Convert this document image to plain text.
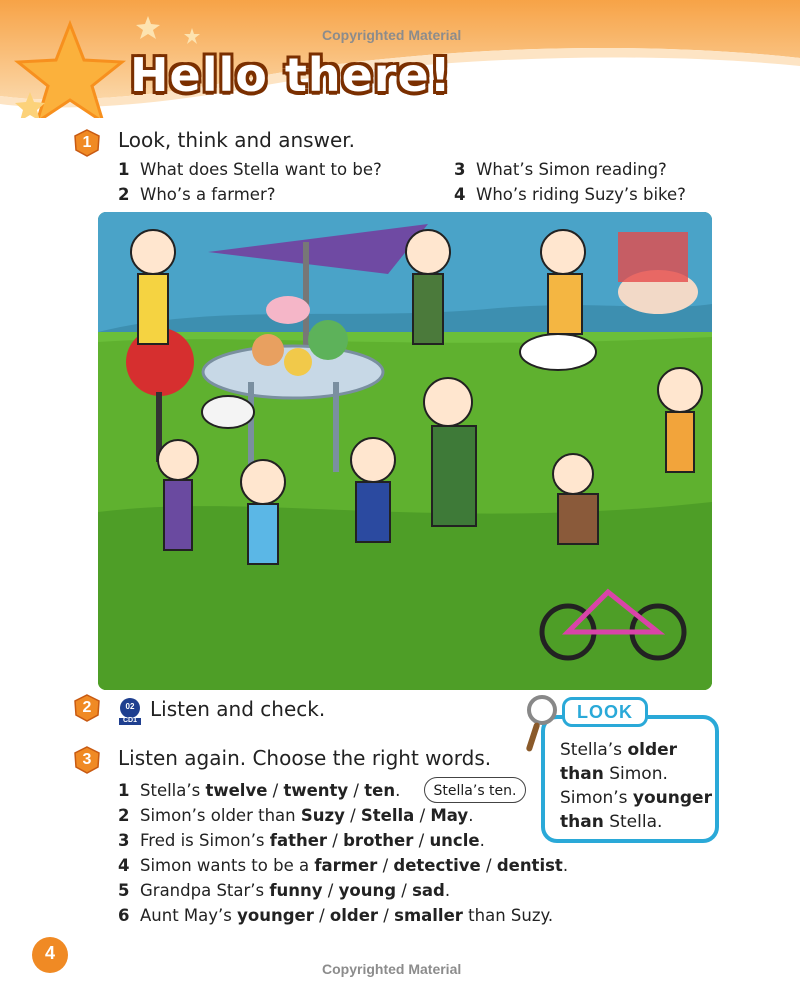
Copyrighted Material
Hello there!
1	Look, think and answer.
1 What does Stella want to be?
2 Who’s a farmer?
3 What’s Simon reading?
4 Who’s riding Suzy’s bike?
2	02
CD1 Listen and check.
3	Listen again. Choose the right words.
1 Stella’s twelve / twenty / ten.	Stella’s ten.
2 Simon’s older than Suzy / Stella / May.
3 Fred is Simon’s father / brother / uncle.
4 Simon wants to be a farmer / detective / dentist.
5 Grandpa Star’s funny / young / sad.
6 Aunt May’s younger / older / smaller than Suzy.
LOOK
Stella’s older
than Simon.
Simon’s younger
than Stella.
4
Copyrighted Material
